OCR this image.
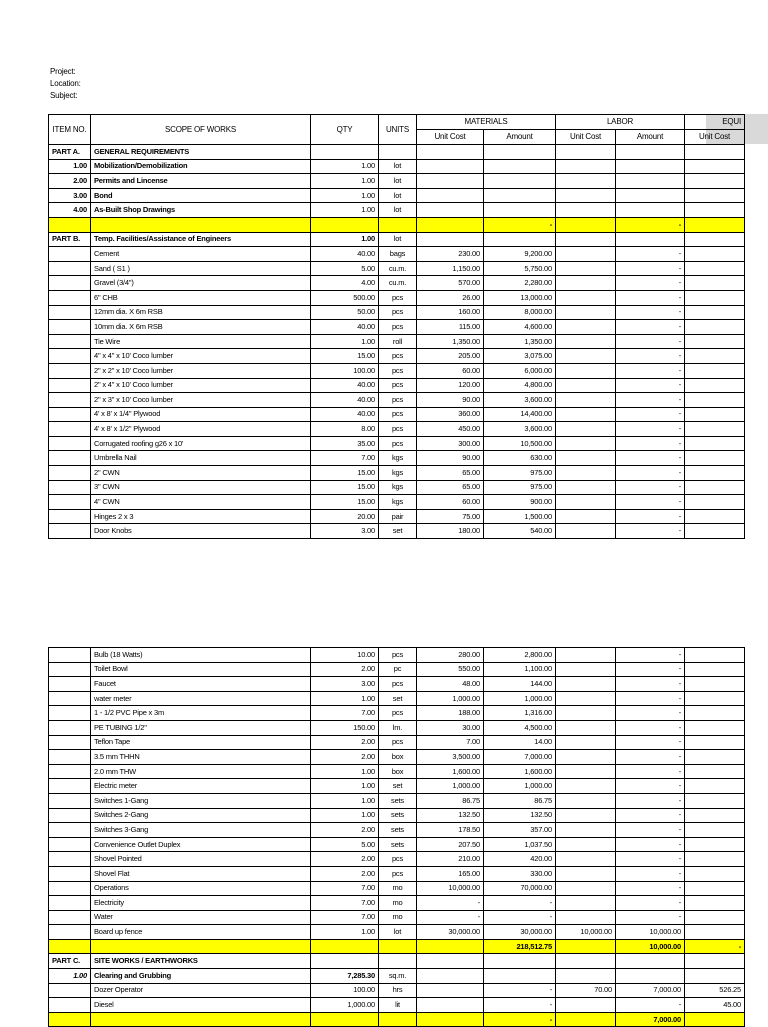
Project:
Location:
Subject:
ITEM NO.	SCOPE OF WORKS	QTY	UNITS	MATERIALS		LABOR		EQUI
				Unit Cost	Amount	Unit Cost	Amount	Unit Cost
PART A.	GENERAL REQUIREMENTS							
1.00	Mobilization/Demobilization	1.00	lot					
2.00	Permits and Lincense	1.00	lot					
3.00	Bond	1.00	lot					
4.00	As-Built Shop Drawings	1.00	lot					
					-		-	
PART B.	Temp. Facilities/Assistance of Engineers	1.00	lot					
	Cement	40.00	bags	230.00	9,200.00		-	
	Sand ( S1 )	5.00	cu.m.	1,150.00	5,750.00		-	
	Gravel (3/4")	4.00	cu.m.	570.00	2,280.00		-	
	6" CHB	500.00	pcs	26.00	13,000.00		-	
	12mm dia. X 6m RSB	50.00	pcs	160.00	8,000.00		-	
	10mm dia. X 6m RSB	40.00	pcs	115.00	4,600.00		-	
	Tie Wire	1.00	roll	1,350.00	1,350.00		-	
	4" x 4" x 10' Coco lumber	15.00	pcs	205.00	3,075.00		-	
	2" x 2" x 10' Coco lumber	100.00	pcs	60.00	6,000.00		-	
	2" x 4" x 10' Coco lumber	40.00	pcs	120.00	4,800.00		-	
	2" x 3" x 10' Coco lumber	40.00	pcs	90.00	3,600.00		-	
	4' x 8' x 1/4" Plywood	40.00	pcs	360.00	14,400.00		-	
	4' x 8' x 1/2" Plywood	8.00	pcs	450.00	3,600.00		-	
	Corrugated roofing g26 x 10'	35.00	pcs	300.00	10,500.00		-	
	Umbrella Nail	7.00	kgs	90.00	630.00		-	
	2" CWN	15.00	kgs	65.00	975.00		-	
	3" CWN	15.00	kgs	65.00	975.00		-	
	4" CWN	15.00	kgs	60.00	900.00		-	
	Hinges 2 x 3	20.00	pair	75.00	1,500.00		-	
	Door Knobs	3.00	set	180.00	540.00		-	
	Bulb (18 Watts)	10.00	pcs	280.00	2,800.00		-	
	Toilet Bowl	2.00	pc	550.00	1,100.00		-	
	Faucet	3.00	pcs	48.00	144.00		-	
	water meter	1.00	set	1,000.00	1,000.00		-	
	1 - 1/2 PVC Pipe x 3m	7.00	pcs	188.00	1,316.00		-	
	PE TUBING 1/2"	150.00	lm.	30.00	4,500.00		-	
	Teflon Tape	2.00	pcs	7.00	14.00		-	
	3.5 mm THHN	2.00	box	3,500.00	7,000.00		-	
	2.0 mm THW	1.00	box	1,600.00	1,600.00		-	
	Electric meter	1.00	set	1,000.00	1,000.00		-	
	Switches 1-Gang	1.00	sets	86.75	86.75		-	
	Switches 2-Gang	1.00	sets	132.50	132.50		-	
	Switches 3-Gang	2.00	sets	178.50	357.00		-	
	Convenience Outlet Duplex	5.00	sets	207.50	1,037.50		-	
	Shovel Pointed	2.00	pcs	210.00	420.00		-	
	Shovel Flat	2.00	pcs	165.00	330.00		-	
	Operations	7.00	mo	10,000.00	70,000.00		-	
	Electricity	7.00	mo	-	-		-	
	Water	7.00	mo	-	-		-	
	Board up fence	1.00	lot	30,000.00	30,000.00	10,000.00	10,000.00	
					218,512.75		10,000.00	-
PART C.	SITE WORKS / EARTHWORKS							
1.00	Clearing and Grubbing	7,285.30	sq.m.					
	Dozer Operator	100.00	hrs		-	70.00	7,000.00	526.25
	Diesel	1,000.00	lit		-		-	45.00
					-		7,000.00	
